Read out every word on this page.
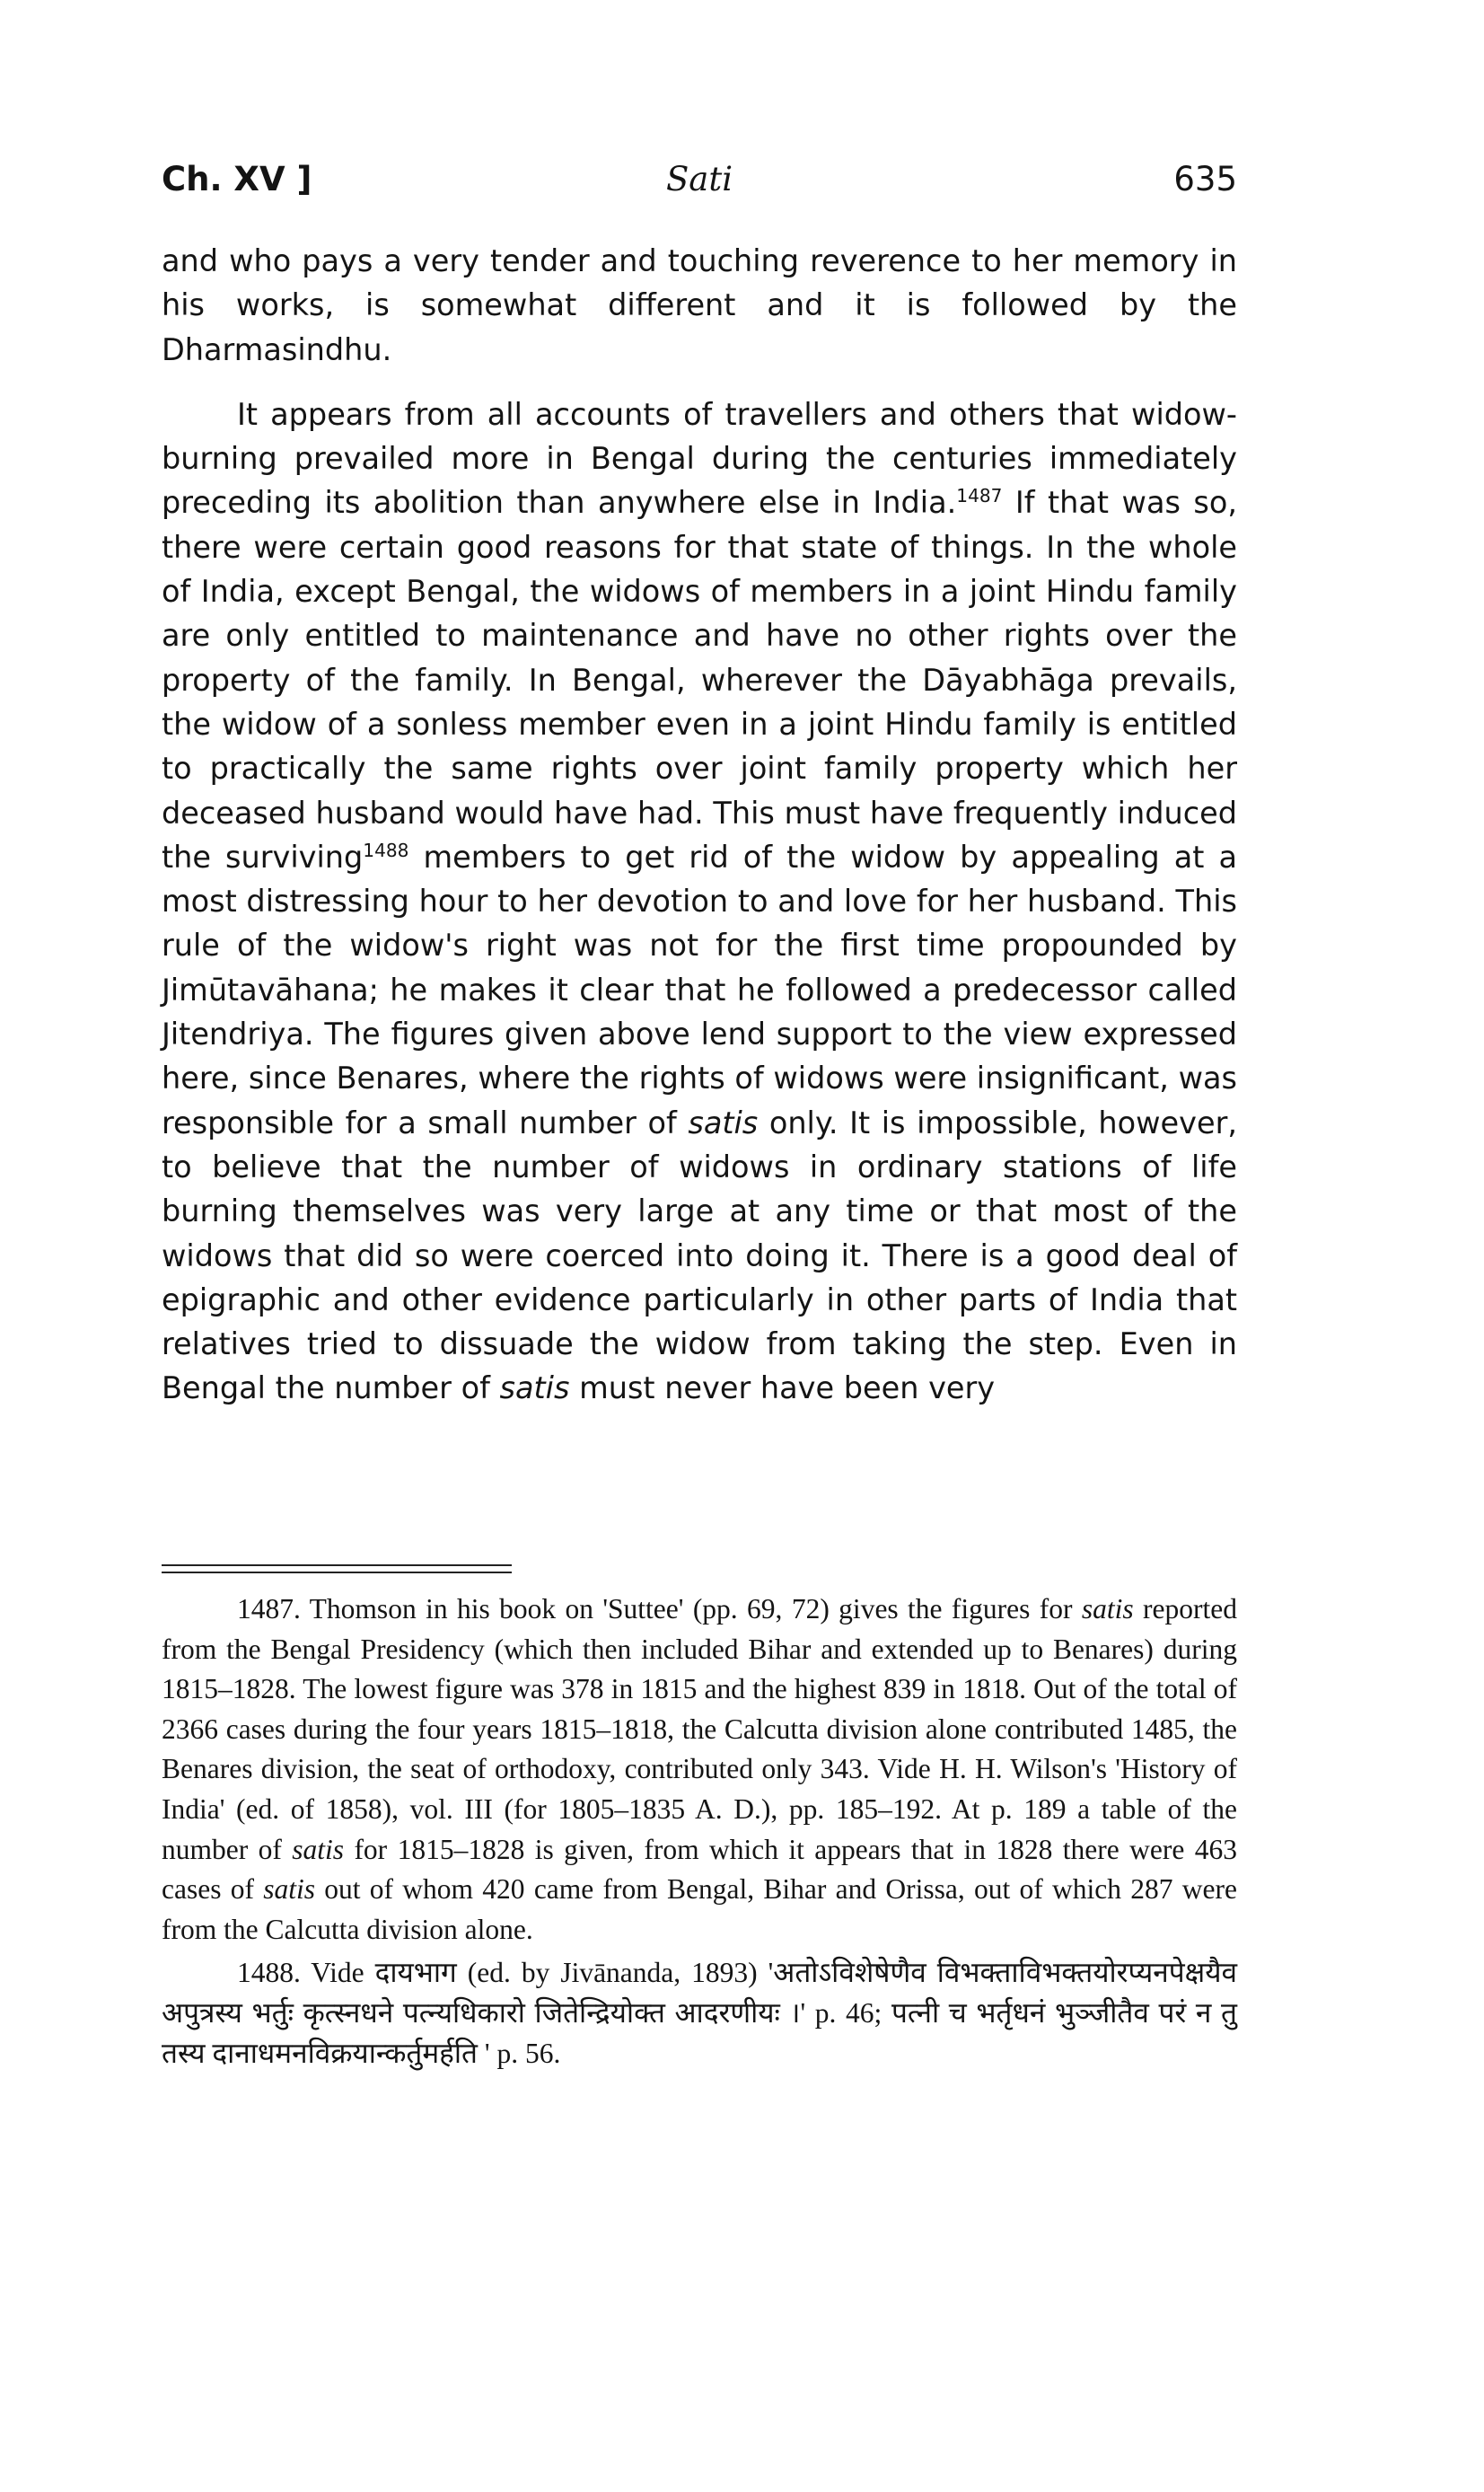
Ch. XV ]	Sati	635

and who pays a very tender and touching reverence to her memory in his works, is somewhat different and it is followed by the Dharmasindhu.

It appears from all accounts of travellers and others that widow-burning prevailed more in Bengal during the centuries immediately preceding its abolition than anywhere else in India.$^{1487}$ If that was so, there were certain good reasons for that state of things. In the whole of India, except Bengal, the widows of members in a joint Hindu family are only entitled to maintenance and have no other rights over the property of the family. In Bengal, wherever the Dāyabhāga prevails, the widow of a sonless member even in a joint Hindu family is entitled to practically the same rights over joint family property which her deceased husband would have had. This must have frequently induced the surviving$^{1488}$ members to get rid of the widow by appealing at a most distressing hour to her devotion to and love for her husband. This rule of the widow's right was not for the first time propounded by Jimūtavāhana; he makes it clear that he followed a predecessor called Jitendriya. The figures given above lend support to the view expressed here, since Benares, where the rights of widows were insignificant, was responsible for a small number of satis only. It is impossible, however, to believe that the number of widows in ordinary stations of life burning themselves was very large at any time or that most of the widows that did so were coerced into doing it. There is a good deal of epigraphic and other evidence particularly in other parts of India that relatives tried to dissuade the widow from taking the step. Even in Bengal the number of satis must never have been very

1487. Thomson in his book on 'Suttee' (pp. 69, 72) gives the figures for satis reported from the Bengal Presidency (which then included Bihar and extended up to Benares) during 1815–1828. The lowest figure was 378 in 1815 and the highest 839 in 1818. Out of the total of 2366 cases during the four years 1815–1818, the Calcutta division alone contributed 1485, the Benares division, the seat of orthodoxy, contributed only 343. Vide H. H. Wilson's 'History of India' (ed. of 1858), vol. III (for 1805–1835 A. D.), pp. 185–192. At p. 189 a table of the number of satis for 1815–1828 is given, from which it appears that in 1828 there were 463 cases of satis out of whom 420 came from Bengal, Bihar and Orissa, out of which 287 were from the Calcutta division alone.

1488. Vide दायभाग (ed. by Jivānanda, 1893) 'अतोऽविशेषेणैव विभक्ताविभक्तयोरप्यनपेक्षयैव अपुत्रस्य भर्तुः कृत्स्नधने पत्न्यधिकारो जितेन्द्रियोक्त आदरणीयः ।' p. 46; पत्नी च भर्तृधनं भुञ्जीतैव परं न तु तस्य दानाधमनविक्रयान्कर्तुमर्हति ' p. 56.
